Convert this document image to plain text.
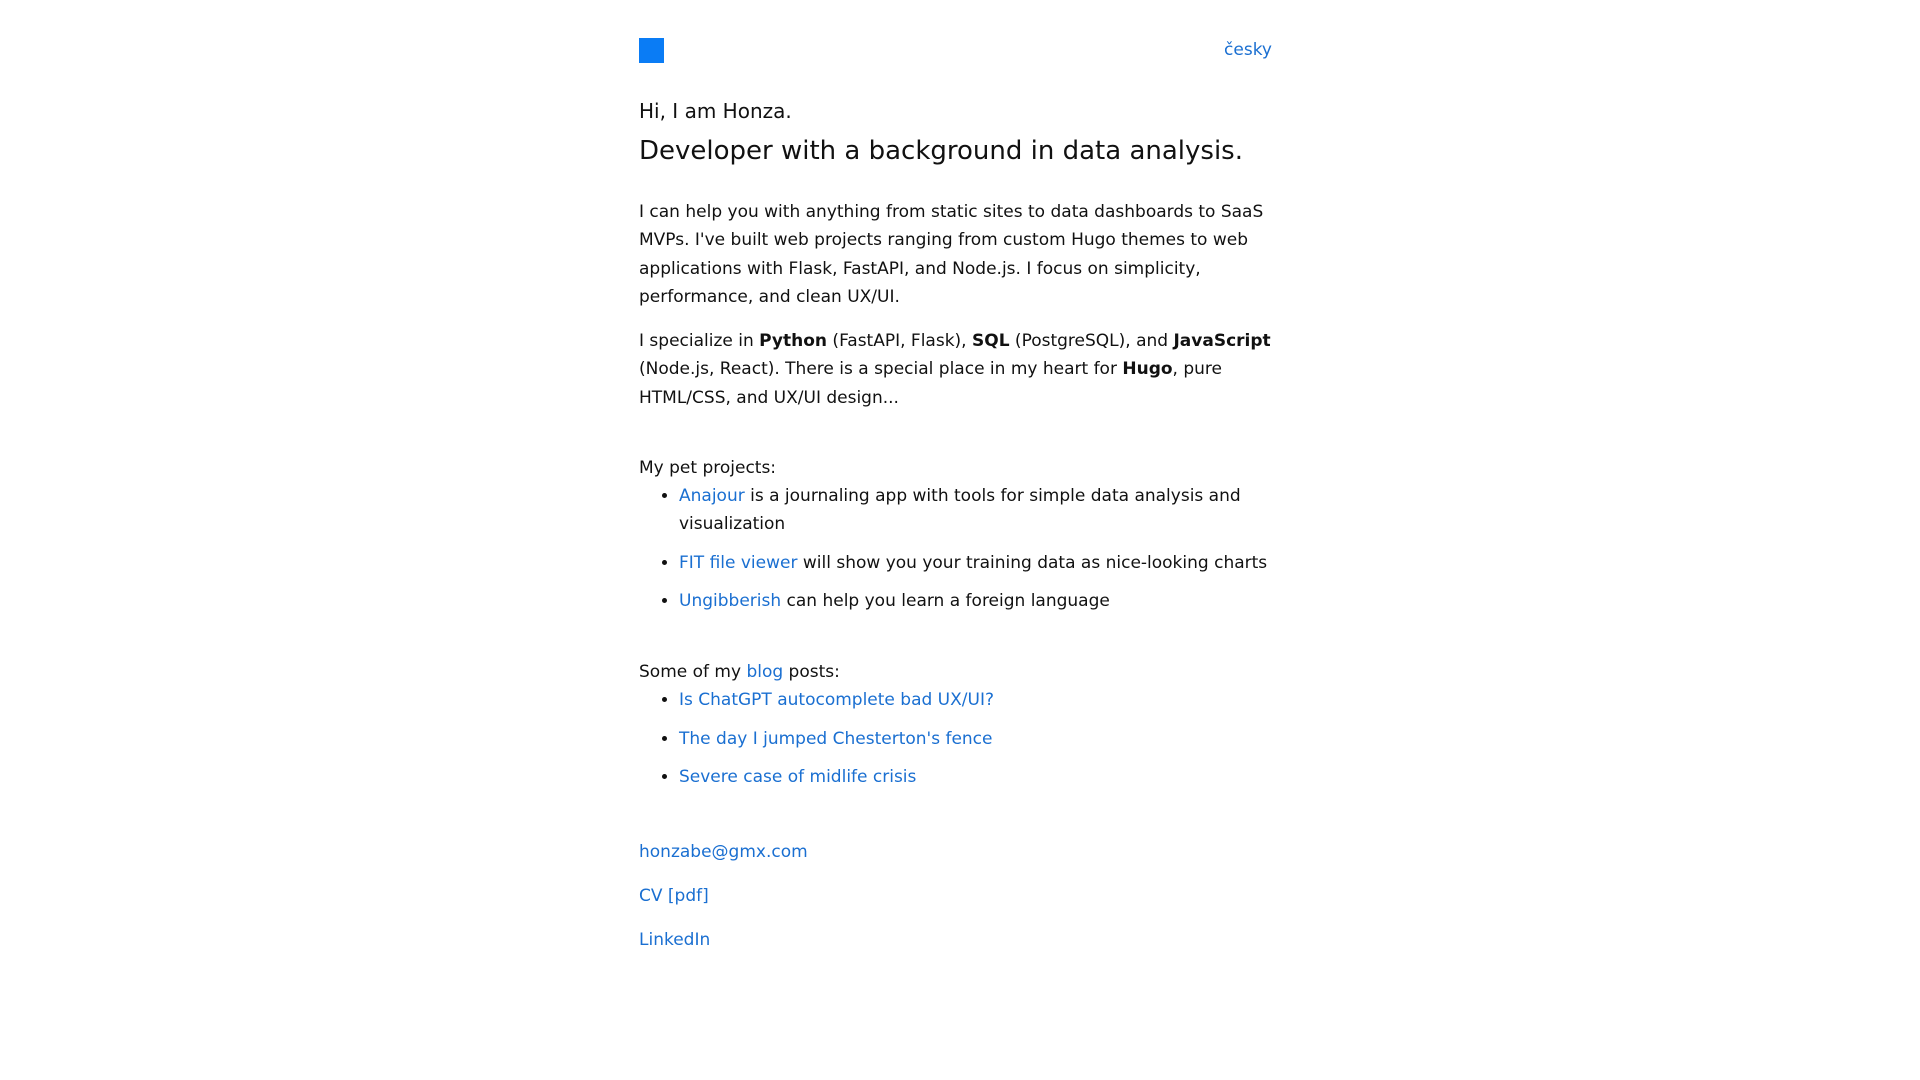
česky
Hi, I am Honza.
Developer with a background in data analysis.

I can help you with anything from static sites to data dashboards to SaaS MVPs. I've built web projects ranging from custom Hugo themes to web applications with Flask, FastAPI, and Node.js. I focus on simplicity, performance, and clean UX/UI.

I specialize in Python (FastAPI, Flask), SQL (PostgreSQL), and JavaScript (Node.js, React). There is a special place in my heart for Hugo, pure HTML/CSS, and UX/UI design...

My pet projects:

• Anajour is a journaling app with tools for simple data analysis and visualization
• FIT file viewer will show you your training data as nice-looking charts
• Ungibberish can help you learn a foreign language

Some of my blog posts:

• Is ChatGPT autocomplete bad UX/UI?
• The day I jumped Chesterton's fence
• Severe case of midlife crisis

honzabe@gmx.com

CV [pdf]

LinkedIn
